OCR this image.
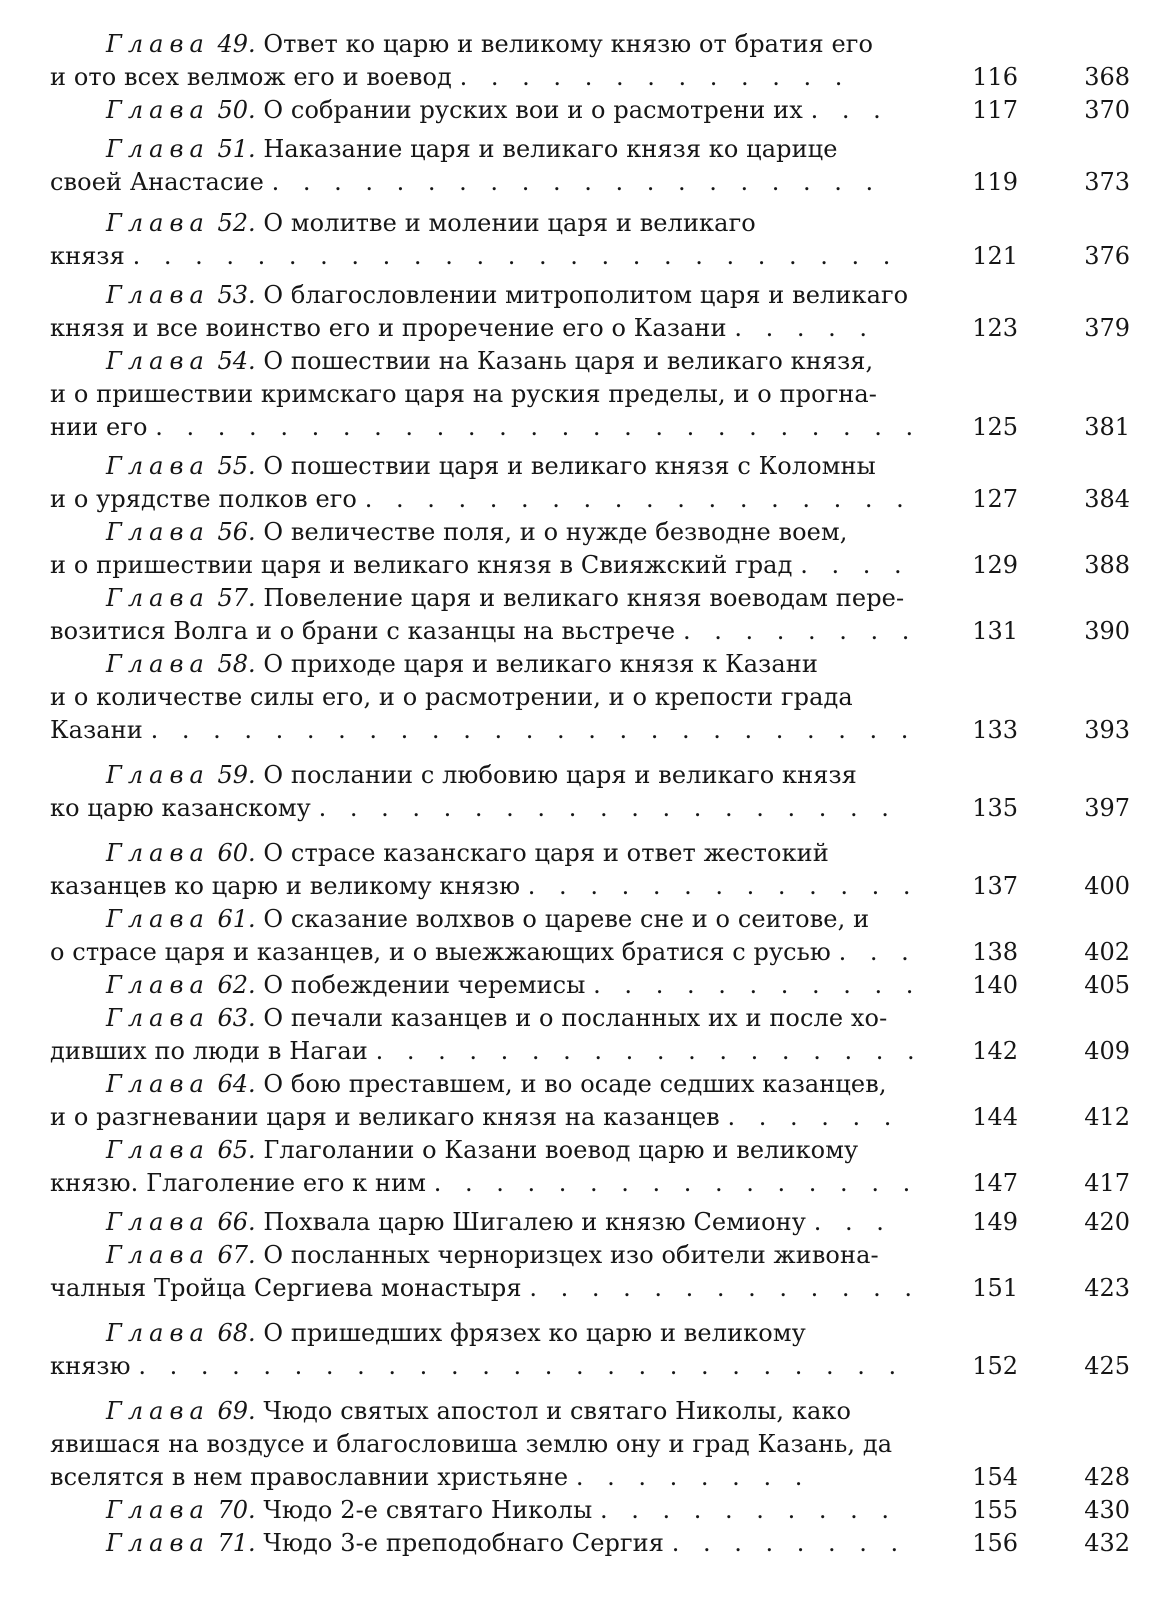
Глава 49. Ответ ко царю и великому князю от братия его
и ото всех велмож его и воевод . . . . . . . . . . . . .	116	368
Глава 50. О собрании руских вои и о расмотрени их . . .	117	370
Глава 51. Наказание царя и великаго князя ко царице
своей Анастасие . . . . . . . . . . . . . . . . . . . .	119	373
Глава 52. О молитве и молении царя и великаго
князя . . . . . . . . . . . . . . . . . . . . . . . . .	121	376
Глава 53. О благословлении митрополитом царя и великаго
князя и все воинство его и проречение его о Казани . . . . .	123	379
Глава 54. О пошествии на Казань царя и великаго князя,
и о пришествии кримскаго царя на руския пределы, и о прогна-
нии его . . . . . . . . . . . . . . . . . . . . . . . . .	125	381
Глава 55. О пошествии царя и великаго князя с Коломны
и о урядстве полков его . . . . . . . . . . . . . . . . . .	127	384
Глава 56. О величестве поля, и о нужде безводне воем,
и о пришествии царя и великаго князя в Свияжский град . . . .	129	388
Глава 57. Повеление царя и великаго князя воеводам пере-
возитися Волга и о брани с казанцы на вьстрече . . . . . . . .	131	390
Глава 58. О приходе царя и великаго князя к Казани
и о количестве силы его, и о расмотрении, и о крепости града
Казани . . . . . . . . . . . . . . . . . . . . . . . . .	133	393
Глава 59. О послании с любовию царя и великаго князя
ко царю казанскому . . . . . . . . . . . . . . . . . . .	135	397
Глава 60. О страсе казанскаго царя и ответ жестокий
казанцев ко царю и великому князю . . . . . . . . . . . . .	137	400
Глава 61. О сказание волхвов о цареве сне и о сеитове, и
о страсе царя и казанцев, и о выежжающих братися с русью . . .	138	402
Глава 62. О побеждении черемисы . . . . . . . . . . .	140	405
Глава 63. О печали казанцев и о посланных их и после хо-
дивших по люди в Нагаи . . . . . . . . . . . . . . . . . .	142	409
Глава 64. О бою преставшем, и во осаде седших казанцев,
и о разгневании царя и великаго князя на казанцев . . . . . .	144	412
Глава 65. Глаголании о Казани воевод царю и великому
князю. Глаголение его к ним . . . . . . . . . . . . . . . .	147	417
Глава 66. Похвала царю Шигалею и князю Семиону . . .	149	420
Глава 67. О посланных черноризцех изо обители живона-
чалныя Тройца Сергиева монастыря . . . . . . . . . . . . .	151	423
Глава 68. О пришедших фрязех ко царю и великому
князю . . . . . . . . . . . . . . . . . . . . . . . . .	152	425
Глава 69. Чюдо святых апостол и святаго Николы, како
явишася на воздусе и благословиша землю ону и град Казань, да
вселятся в нем православнии христьяне . . . . . . . .	154	428
Глава 70. Чюдо 2-е святаго Николы . . . . . . . . . .	155	430
Глава 71. Чюдо 3-е преподобнаго Сергия . . . . . . . .	156	432
